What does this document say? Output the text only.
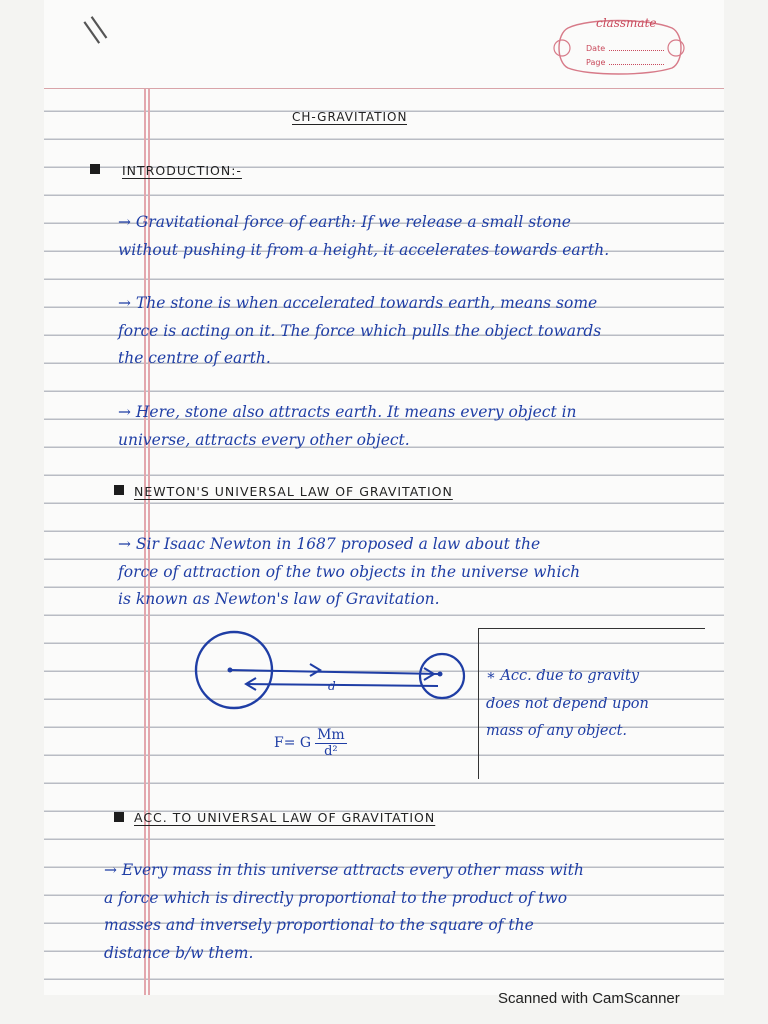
||	classmate
Date
Page
CH-GRAVITATION
INTRODUCTION:-
→ Gravitational force of earth: If we release a small stone
without pushing it from a height, it accelerates towards earth.
→ The stone is when accelerated towards earth, means some
force is acting on it. The force which pulls the object towards
the centre of earth.
→ Here, stone also attracts earth. It means every object in
universe, attracts every other object.
NEWTON'S UNIVERSAL LAW OF GRAVITATION
→ Sir Isaac Newton in 1687 proposed a law about the
force of attraction of the two objects in the universe which
is known as Newton's law of Gravitation.
d
F= G $\frac{Mm}{\text{d²}}$
∗ Acc. due to gravity
does not depend upon
mass of any object.
ACC. TO UNIVERSAL LAW OF GRAVITATION
→ Every mass in this universe attracts every other mass with
a force which is directly proportional to the product of two
masses and inversely proportional to the square of the
distance b/w them.
Scanned with CamScanner
